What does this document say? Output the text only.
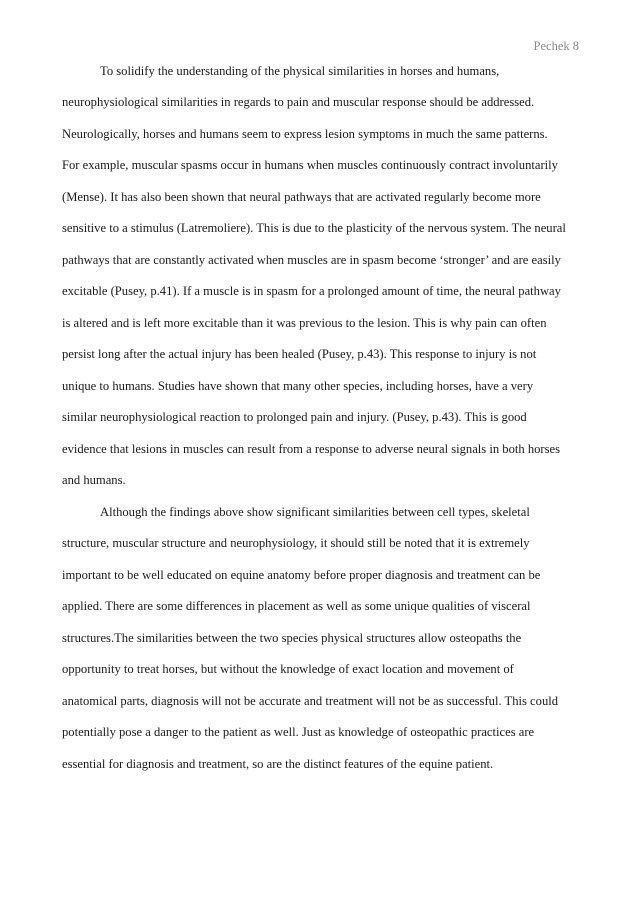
Pechek 8
To solidify the understanding of the physical similarities in horses and humans,
neurophysiological similarities in regards to pain and muscular response should be addressed.
Neurologically, horses and humans seem to express lesion symptoms in much the same patterns.
For example, muscular spasms occur in humans when muscles continuously contract involuntarily
(Mense). It has also been shown that neural pathways that are activated regularly become more
sensitive to a stimulus (Latremoliere). This is due to the plasticity of the nervous system. The neural
pathways that are constantly activated when muscles are in spasm become ‘stronger’ and are easily
excitable (Pusey, p.41). If a muscle is in spasm for a prolonged amount of time, the neural pathway
is altered and is left more excitable than it was previous to the lesion. This is why pain can often
persist long after the actual injury has been healed (Pusey, p.43). This response to injury is not
unique to humans. Studies have shown that many other species, including horses, have a very
similar neurophysiological reaction to prolonged pain and injury. (Pusey, p.43). This is good
evidence that lesions in muscles can result from a response to adverse neural signals in both horses
and humans.
Although the findings above show significant similarities between cell types, skeletal
structure, muscular structure and neurophysiology, it should still be noted that it is extremely
important to be well educated on equine anatomy before proper diagnosis and treatment can be
applied. There are some differences in placement as well as some unique qualities of visceral
structures.The similarities between the two species physical structures allow osteopaths the
opportunity to treat horses, but without the knowledge of exact location and movement of
anatomical parts, diagnosis will not be accurate and treatment will not be as successful. This could
potentially pose a danger to the patient as well. Just as knowledge of osteopathic practices are
essential for diagnosis and treatment, so are the distinct features of the equine patient.
